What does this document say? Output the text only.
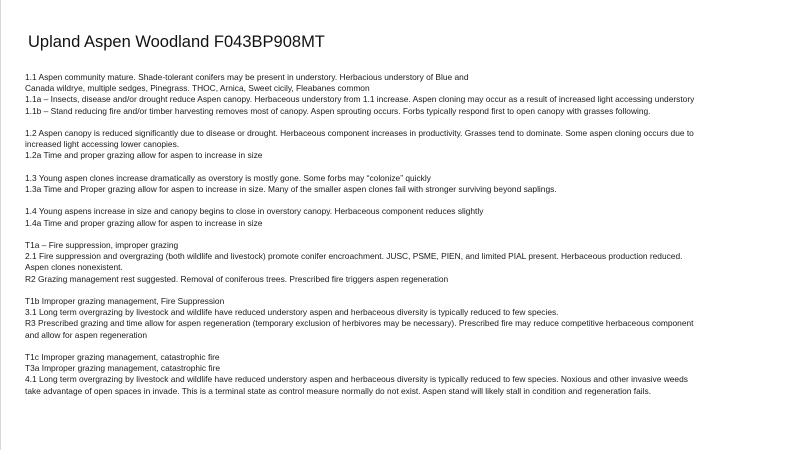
Upland Aspen Woodland F043BP908MT
1.1 Aspen community mature. Shade-tolerant conifers may be present in understory. Herbacious understory of Blue and
Canada wildrye, multiple sedges, Pinegrass. THOC, Arnica, Sweet cicily, Fleabanes common
1.1a – Insects, disease and/or drought reduce Aspen canopy. Herbaceous understory from 1.1 increase. Aspen cloning may occur as a result of increased light accessing understory
1.1b – Stand reducing fire and/or timber harvesting removes most of canopy. Aspen sprouting occurs. Forbs typically respond first to open canopy with grasses following.
1.2 Aspen canopy is reduced significantly due to disease or drought. Herbaceous component increases in productivity. Grasses tend to dominate. Some aspen cloning occurs due to
increased light accessing lower canopies.
1.2a Time and proper grazing allow for aspen to increase in size
1.3 Young aspen clones increase dramatically as overstory is mostly gone. Some forbs may “colonize” quickly
1.3a Time and Proper grazing allow for aspen to increase in size. Many of the smaller aspen clones fail with stronger surviving beyond saplings.
1.4 Young aspens increase in size and canopy begins to close in overstory canopy. Herbaceous component reduces slightly
1.4a Time and proper grazing allow for aspen to increase in size
T1a – Fire suppression, improper grazing
2.1 Fire suppression and overgrazing (both wildlife and livestock) promote conifer encroachment. JUSC, PSME, PIEN, and limited PIAL present. Herbaceous production reduced.
Aspen clones nonexistent.
R2 Grazing management rest suggested. Removal of coniferous trees. Prescribed fire triggers aspen regeneration
T1b Improper grazing management, Fire Suppression
3.1 Long term overgrazing by livestock and wildlife have reduced understory aspen and herbaceous diversity is typically reduced to few species.
R3 Prescribed grazing and time allow for aspen regeneration (temporary exclusion of herbivores may be necessary). Prescribed fire may reduce competitive herbaceous component
and allow for aspen regeneration
T1c Improper grazing management, catastrophic fire
T3a Improper grazing management, catastrophic fire
4.1 Long term overgrazing by livestock and wildlife have reduced understory aspen and herbaceous diversity is typically reduced to few species. Noxious and other invasive weeds
take advantage of open spaces in invade. This is a terminal state as control measure normally do not exist. Aspen stand will likely stall in condition and regeneration fails.
